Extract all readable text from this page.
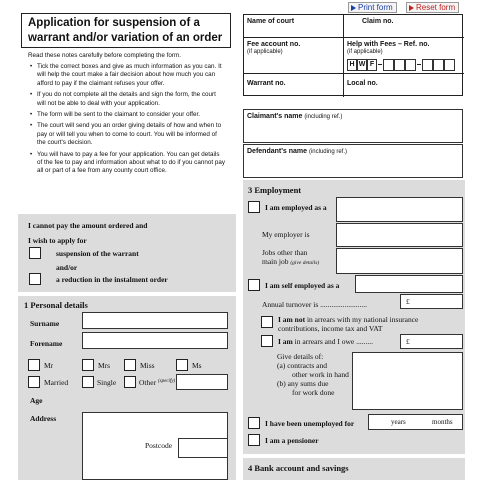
Print form	Reset form
Application for suspension of a
warrant and/or variation of an order
Read these notes carefully before completing the form.
• Tick the correct boxes and give as much information as you can. It will help the court make a fair decision about how much you can afford to pay if the claimant refuses your offer.
• If you do not complete all the details and sign the form, the court will not be able to deal with your application.
• The form will be sent to the claimant to consider your offer.
• The court will send you an order giving details of how and when to pay or will tell you when to come to court. You will be informed of the court's decision.
• You will have to pay a fee for your application. You can get details of the fee to pay and information about what to do if you cannot pay all or part of a fee from any county court office.
I cannot pay the amount ordered and
I wish to apply for
suspension of the warrant
and/or
a reduction in the instalment order
1 Personal details
Surname
Forename
Mr	Mrs	Miss	Ms
Married	Single	Other (specify)
Age
Address
Postcode
Name of court	Claim no.
Fee account no.
(if applicable)
Help with Fees – Ref. no.
(if applicable)
H W F
Warrant no.	Local no.
Claimant's name (including ref.)
Defendant's name (including ref.)
3 Employment
I am employed as a
My employer is
Jobs other than
main job (give details)
I am self employed as a
Annual turnover is .........................	£
I am not in arrears with my national insurance
contributions, income tax and VAT
I am in arrears and I owe .........	£
Give details of:
(a) contracts and
other work in hand
(b) any sums due
for work done
I have been unemployed for	years	months
I am a pensioner
4 Bank account and savings
